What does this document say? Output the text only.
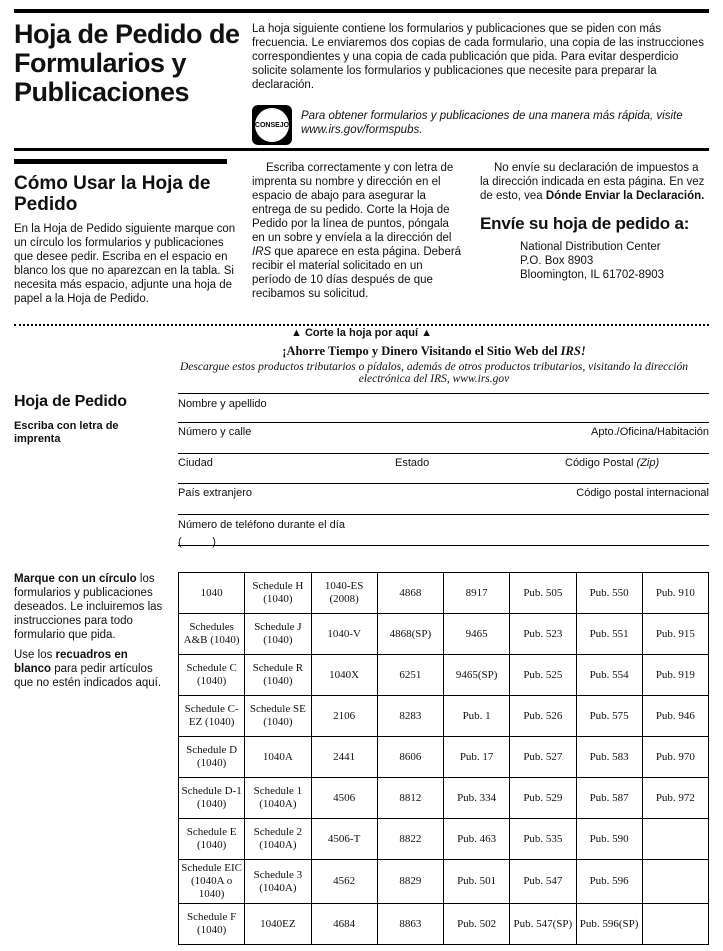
Hoja de Pedido de Formularios y Publicaciones

La hoja siguiente contiene los formularios y publicaciones que se piden con más frecuencia. Le enviaremos dos copias de cada formulario, una copia de las instrucciones correspondientes y una copia de cada publicación que pida. Para evitar desperdicio solicite solamente los formularios y publicaciones que necesite para preparar la declaración.

CONSEJO

Para obtener formularios y publicaciones de una manera más rápida, visite www.irs.gov/formspubs.

Cómo Usar la Hoja de Pedido

En la Hoja de Pedido siguiente marque con un círculo los formularios y publicaciones que desee pedir. Escriba en el espacio en blanco los que no aparezcan en la tabla. Si necesita más espacio, adjunte una hoja de papel a la Hoja de Pedido.

Escriba correctamente y con letra de imprenta su nombre y dirección en el espacio de abajo para asegurar la entrega de su pedido. Corte la Hoja de Pedido por la línea de puntos, póngala en un sobre y envíela a la dirección del IRS que aparece en esta página. Deberá recibir el material solicitado en un período de 10 días después de que recibamos su solicitud.

No envíe su declaración de impuestos a la dirección indicada en esta página. En vez de esto, vea Dónde Enviar la Declaración.

Envíe su hoja de pedido a:
National Distribution Center
P.O. Box 8903
Bloomington, IL 61702-8903
▲ Corte la hoja por aquí ▲
¡Ahorre Tiempo y Dinero Visitando el Sitio Web del IRS!
Descargue estos productos tributarios o pídalos, además de otros productos tributarios, visitando la dirección electrónica del IRS, www.irs.gov
Hoja de Pedido

Escriba con letra de imprenta

Nombre y apellido
Número y calle	Apto./Oficina/Habitación
Ciudad	Estado	Código Postal (Zip)
País extranjero	Código postal internacional
Número de teléfono durante el día
(          )

Marque con un círculo los formularios y publicaciones deseados. Le incluiremos las instrucciones para todo formulario que pida.

Use los recuadros en blanco para pedir artículos que no estén indicados aquí.

1040	Schedule H (1040)	1040-ES (2008)	4868	8917	Pub. 505	Pub. 550	Pub. 910
Schedules A&B (1040)	Schedule J (1040)	1040-V	4868(SP)	9465	Pub. 523	Pub. 551	Pub. 915
Schedule C (1040)	Schedule R (1040)	1040X	6251	9465(SP)	Pub. 525	Pub. 554	Pub. 919
Schedule C-EZ (1040)	Schedule SE (1040)	2106	8283	Pub. 1	Pub. 526	Pub. 575	Pub. 946
Schedule D (1040)	1040A	2441	8606	Pub. 17	Pub. 527	Pub. 583	Pub. 970
Schedule D-1 (1040)	Schedule 1 (1040A)	4506	8812	Pub. 334	Pub. 529	Pub. 587	Pub. 972
Schedule E (1040)	Schedule 2 (1040A)	4506-T	8822	Pub. 463	Pub. 535	Pub. 590	
Schedule EIC (1040A o 1040)	Schedule 3 (1040A)	4562	8829	Pub. 501	Pub. 547	Pub. 596	
Schedule F (1040)	1040EZ	4684	8863	Pub. 502	Pub. 547(SP)	Pub. 596(SP)	
